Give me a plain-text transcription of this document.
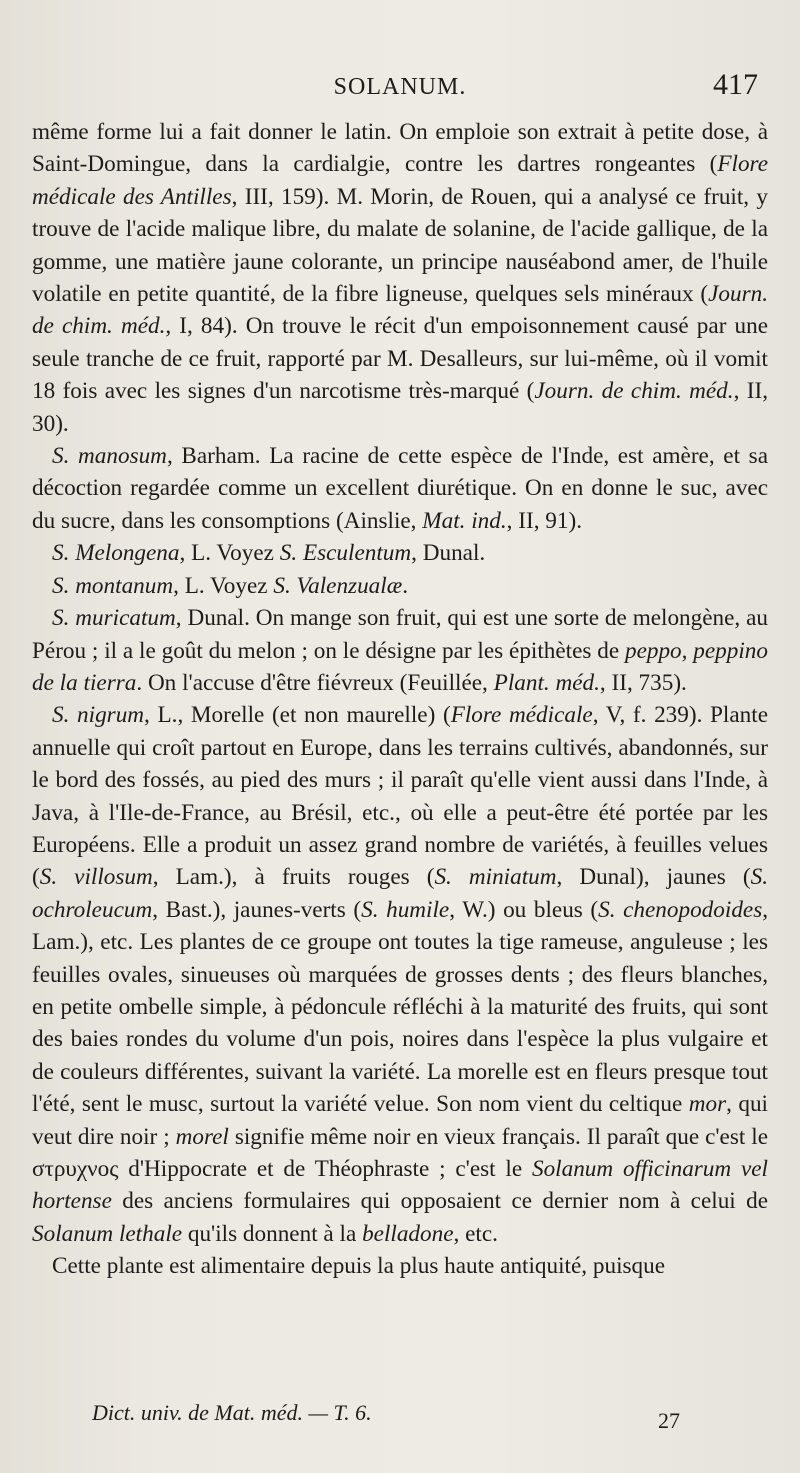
SOLANUM.	417

même forme lui a fait donner le latin. On emploie son extrait à petite dose, à Saint-Domingue, dans la cardialgie, contre les dartres rongeantes (Flore médicale des Antilles, III, 159). M. Morin, de Rouen, qui a analysé ce fruit, y trouve de l'acide malique libre, du malate de solanine, de l'acide gallique, de la gomme, une matière jaune colorante, un principe nauséabond amer, de l'huile volatile en petite quantité, de la fibre ligneuse, quelques sels minéraux (Journ. de chim. méd., I, 84). On trouve le récit d'un empoisonnement causé par une seule tranche de ce fruit, rapporté par M. Desalleurs, sur lui-même, où il vomit 18 fois avec les signes d'un narcotisme très-marqué (Journ. de chim. méd., II, 30).

S. manosum, Barham. La racine de cette espèce de l'Inde, est amère, et sa décoction regardée comme un excellent diurétique. On en donne le suc, avec du sucre, dans les consomptions (Ainslie, Mat. ind., II, 91).

S. Melongena, L. Voyez S. Esculentum, Dunal.

S. montanum, L. Voyez S. Valenzualæ.

S. muricatum, Dunal. On mange son fruit, qui est une sorte de melongène, au Pérou ; il a le goût du melon ; on le désigne par les épithètes de peppo, peppino de la tierra. On l'accuse d'être fiévreux (Feuillée, Plant. méd., II, 735).

S. nigrum, L., Morelle (et non maurelle) (Flore médicale, V, f. 239). Plante annuelle qui croît partout en Europe, dans les terrains cultivés, abandonnés, sur le bord des fossés, au pied des murs ; il paraît qu'elle vient aussi dans l'Inde, à Java, à l'Ile-de-France, au Brésil, etc., où elle a peut-être été portée par les Européens. Elle a produit un assez grand nombre de variétés, à feuilles velues (S. villosum, Lam.), à fruits rouges (S. miniatum, Dunal), jaunes (S. ochroleucum, Bast.), jaunes-verts (S. humile, W.) ou bleus (S. chenopodoides, Lam.), etc. Les plantes de ce groupe ont toutes la tige rameuse, anguleuse ; les feuilles ovales, sinueuses où marquées de grosses dents ; des fleurs blanches, en petite ombelle simple, à pédoncule réfléchi à la maturité des fruits, qui sont des baies rondes du volume d'un pois, noires dans l'espèce la plus vulgaire et de couleurs différentes, suivant la variété. La morelle est en fleurs presque tout l'été, sent le musc, surtout la variété velue. Son nom vient du celtique mor, qui veut dire noir ; morel signifie même noir en vieux français. Il paraît que c'est le στρυχνος d'Hippocrate et de Théophraste ; c'est le Solanum officinarum vel hortense des anciens formulaires qui opposaient ce dernier nom à celui de Solanum lethale qu'ils donnent à la belladone, etc.

Cette plante est alimentaire depuis la plus haute antiquité, puisque

Dict. univ. de Mat. méd. — T. 6.	27
